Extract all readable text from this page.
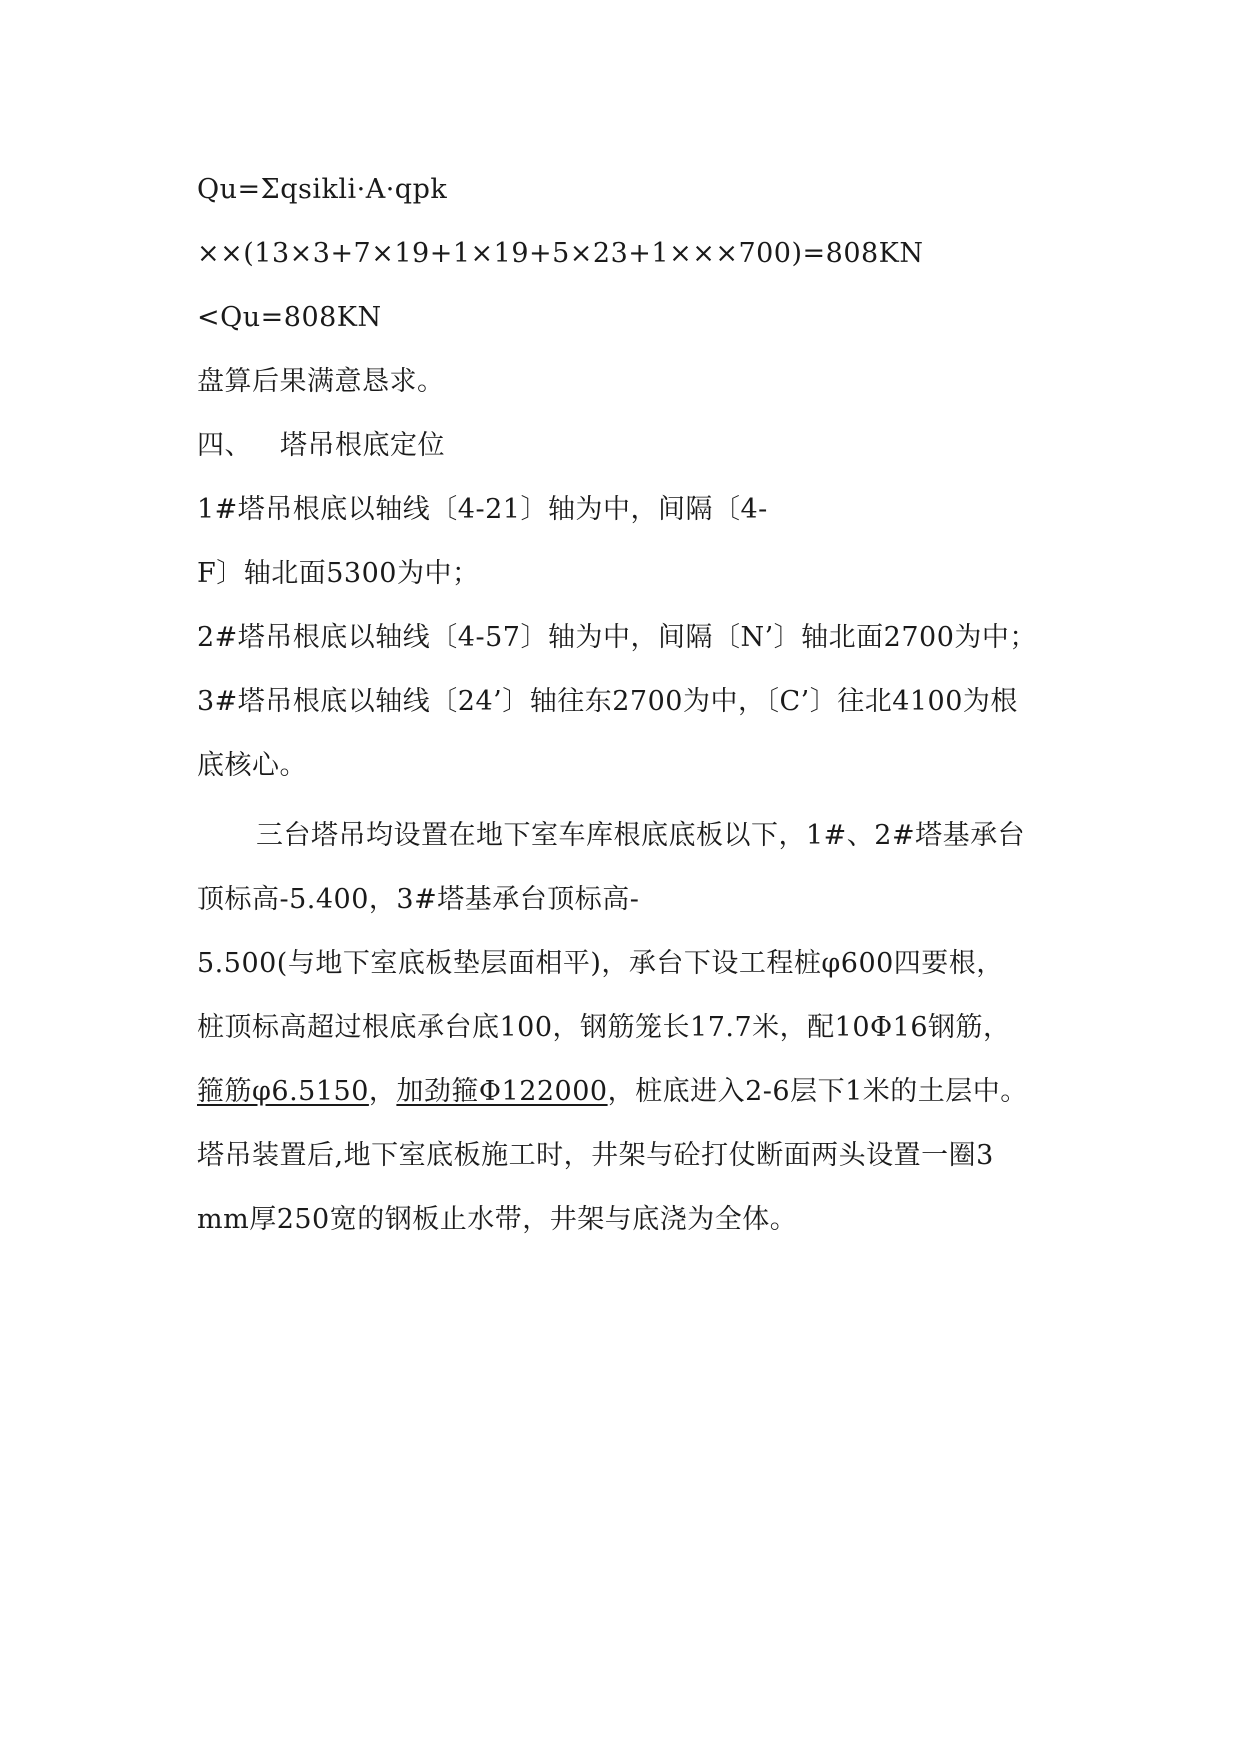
Qu=Σqsikli·A·qpk
××(13×3+7×19+1×19+5×23+1×××700)=808KN
<Qu=808KN
盘算后果满意恳求。
四、 塔吊根底定位
1#塔吊根底以轴线〔4-21〕轴为中，间隔〔4-
F〕轴北面5300为中；
2#塔吊根底以轴线〔4-57〕轴为中，间隔〔N’〕轴北面2700为中；
3#塔吊根底以轴线〔24’〕轴往东2700为中，〔C’〕往北4100为根
底核心。
三台塔吊均设置在地下室车库根底底板以下，1#、2#塔基承台
顶标高-5.400，3#塔基承台顶标高-
5.500(与地下室底板垫层面相平)，承台下设工程桩φ600四要根，
桩顶标高超过根底承台底100，钢筋笼长17.7米，配10Φ16钢筋，
箍筋φ6.5150，加劲箍Φ122000，桩底进入2-6层下1米的土层中。
塔吊装置后,地下室底板施工时，井架与砼打仗断面两头设置一圈3
mm厚250宽的钢板止水带，井架与底浇为全体。
